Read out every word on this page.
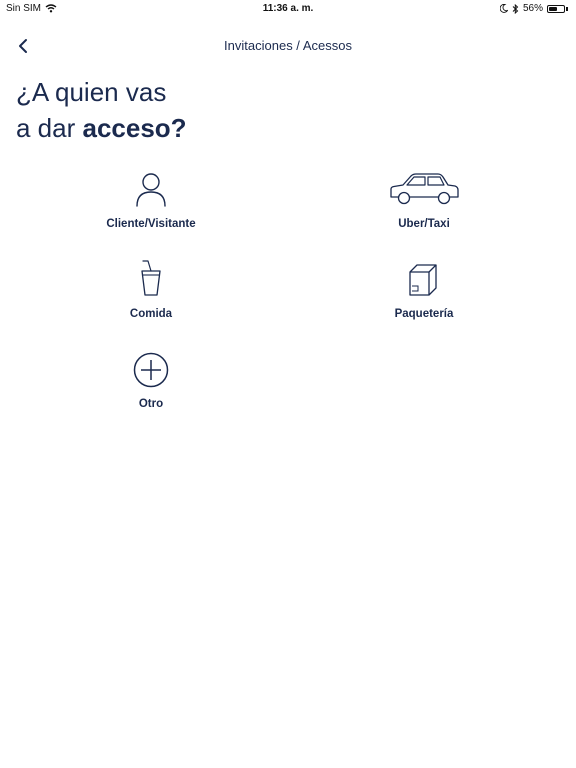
Sin SIM	11:36 a. m.	56%
Invitaciones / Acessos
¿A quien vas
a dar acceso?
Cliente/Visitante	Uber/Taxi
Comida	Paquetería
Otro
